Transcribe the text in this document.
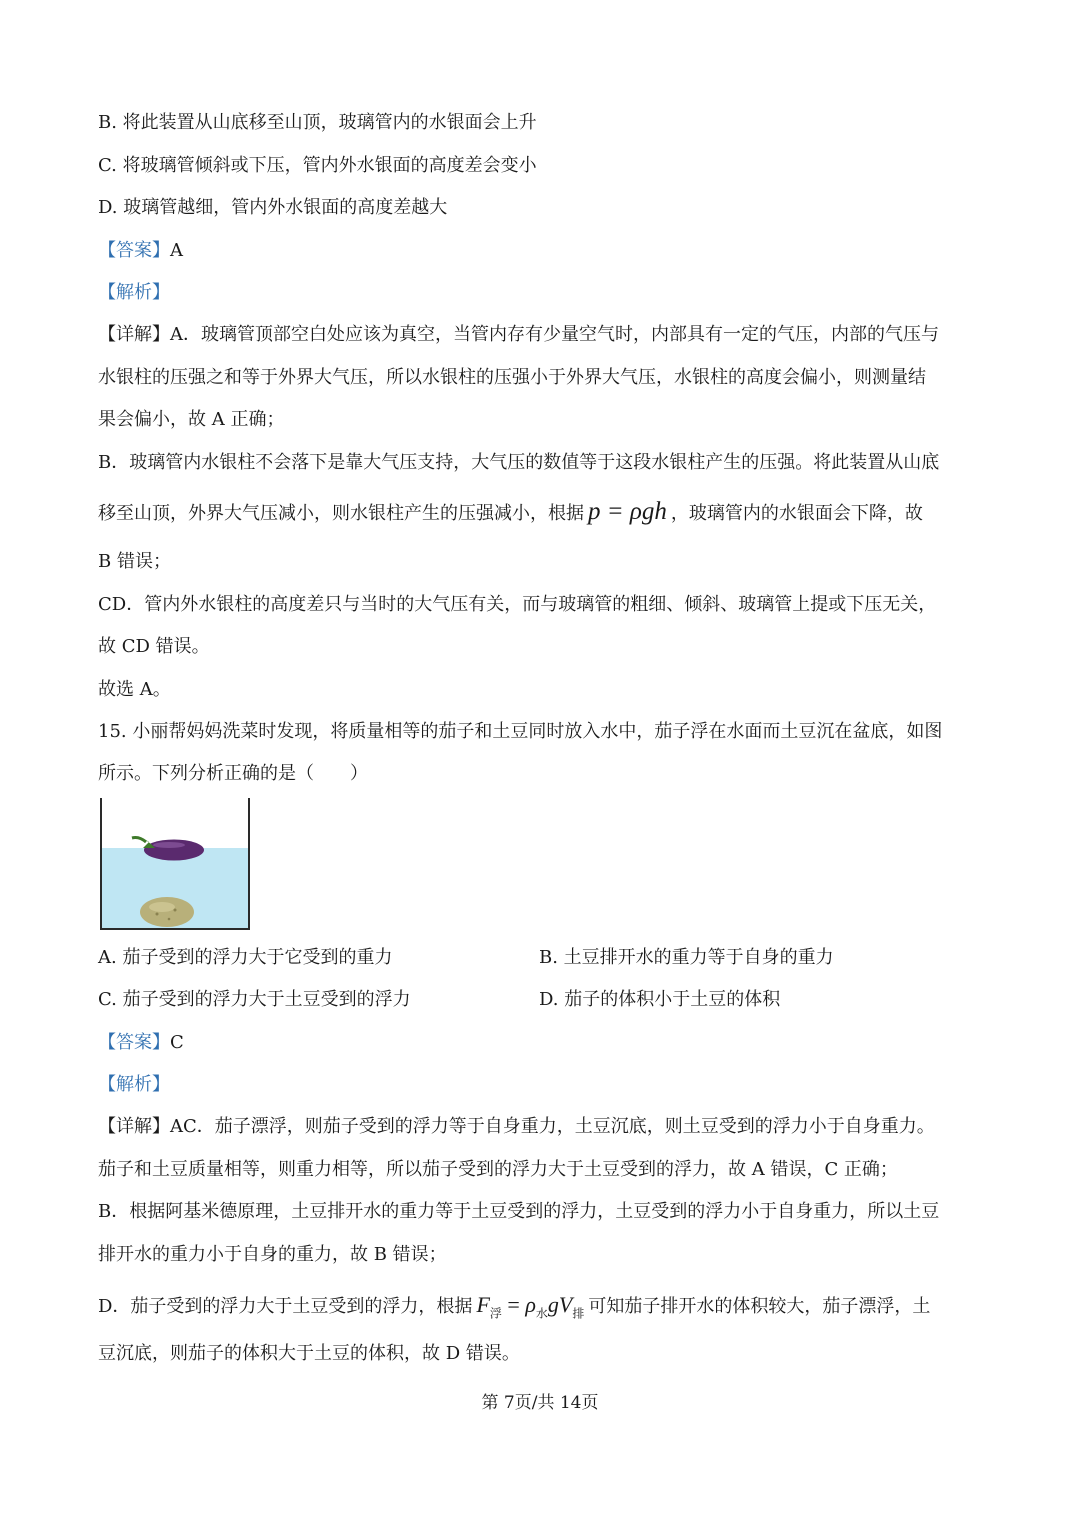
B. 将此装置从山底移至山顶，玻璃管内的水银面会上升
C. 将玻璃管倾斜或下压，管内外水银面的高度差会变小
D. 玻璃管越细，管内外水银面的高度差越大
【答案】A
【解析】
【详解】A．玻璃管顶部空白处应该为真空，当管内存有少量空气时，内部具有一定的气压，内部的气压与
水银柱的压强之和等于外界大气压，所以水银柱的压强小于外界大气压，水银柱的高度会偏小，则测量结
果会偏小，故 A 正确；
B．玻璃管内水银柱不会落下是靠大气压支持，大气压的数值等于这段水银柱产生的压强。将此装置从山底
移至山顶，外界大气压减小，则水银柱产生的压强减小，根据 p = ρgh ，玻璃管内的水银面会下降，故
B 错误；
CD．管内外水银柱的高度差只与当时的大气压有关，而与玻璃管的粗细、倾斜、玻璃管上提或下压无关，
故 CD 错误。
故选 A。
15. 小丽帮妈妈洗菜时发现，将质量相等的茄子和土豆同时放入水中，茄子浮在水面而土豆沉在盆底，如图
所示。下列分析正确的是（　　）
A. 茄子受到的浮力大于它受到的重力	B. 土豆排开水的重力等于自身的重力
C. 茄子受到的浮力大于土豆受到的浮力	D. 茄子的体积小于土豆的体积
【答案】C
【解析】
【详解】AC．茄子漂浮，则茄子受到的浮力等于自身重力，土豆沉底，则土豆受到的浮力小于自身重力。
茄子和土豆质量相等，则重力相等，所以茄子受到的浮力大于土豆受到的浮力，故 A 错误，C 正确；
B．根据阿基米德原理，土豆排开水的重力等于土豆受到的浮力，土豆受到的浮力小于自身重力，所以土豆
排开水的重力小于自身的重力，故 B 错误；
D．茄子受到的浮力大于土豆受到的浮力，根据 $F_浮 = \rho_水gV_排$ 可知茄子排开水的体积较大，茄子漂浮，土
豆沉底，则茄子的体积大于土豆的体积，故 D 错误。
第 7页/共 14页
